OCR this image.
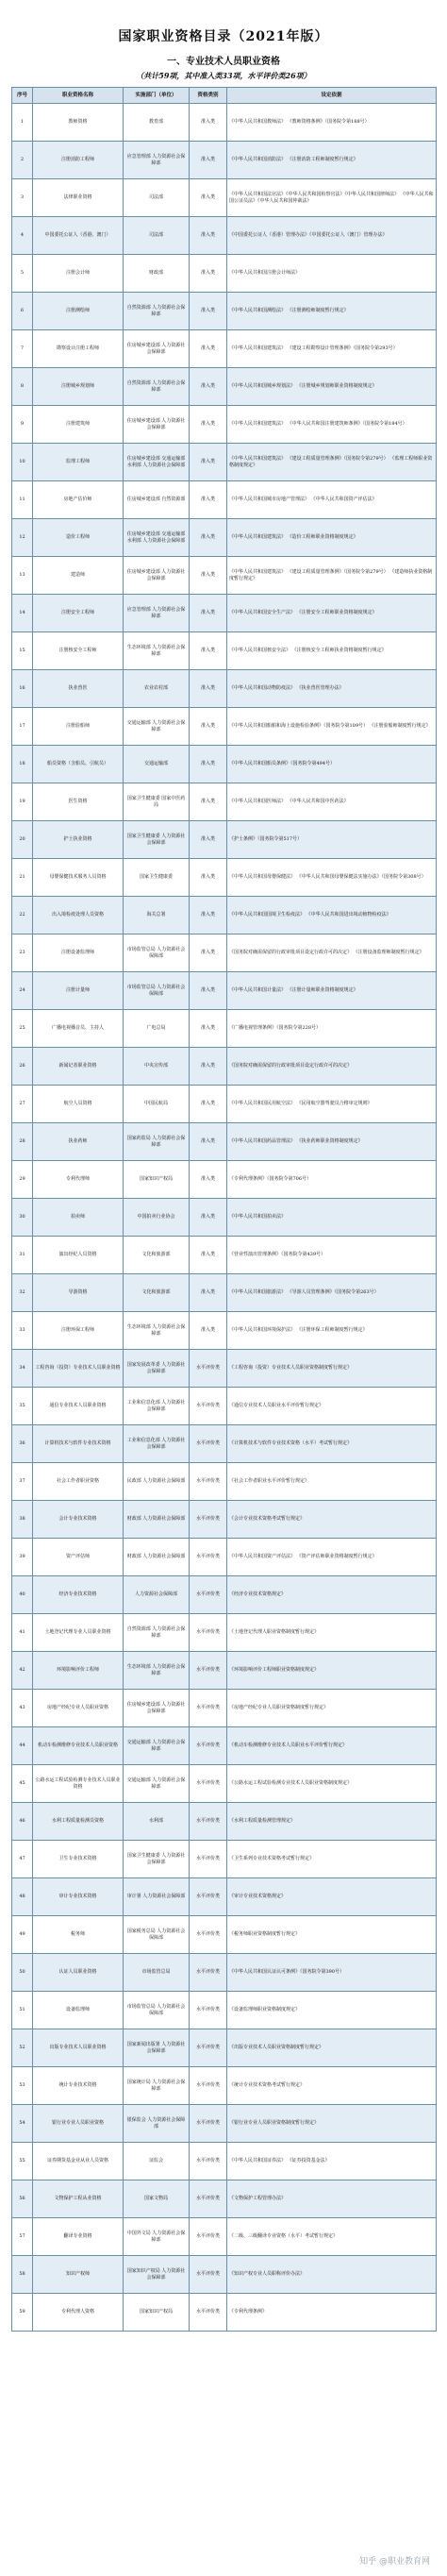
国家职业资格目录（2021年版）
一、专业技术人员职业资格
（共计59项，其中准入类33项，水平评价类26项）
序号	职业资格名称	实施部门（单位）	资格类别	设定依据
1	教师资格	教育部	准入类	《中华人民共和国教师法》 《教师资格条例》（国务院令第188号）
2	注册消防工程师	应急管理部 人力资源社会保障部	准入类	《中华人民共和国消防法》 《注册消防工程师制度暂行规定》
3	法律职业资格	司法部	准入类	《中华人民共和国法官法》《中华人民共和国检察官法》《中华人民共和国律师法》 《中华人民共和国公证员法》《中华人民共和国仲裁法》
4	中国委托公证人（香港、澳门）	司法部	准入类	《中国委托公证人（香港）管理办法》《中国委托公证人（澳门）管理办法》
5	注册会计师	财政部	准入类	《中华人民共和国注册会计师法》
6	注册测绘师	自然资源部 人力资源社会保障部	准入类	《中华人民共和国测绘法》 《注册测绘师制度暂行规定》
7	勘察设计注册工程师	住房城乡建设部 人力资源社会保障部	准入类	《中华人民共和国建筑法》 《建设工程勘察设计管理条例》（国务院令第293号）
8	注册城乡规划师	自然资源部 人力资源社会保障部	准入类	《中华人民共和国城乡规划法》 《注册城乡规划师职业资格制度规定》
9	注册建筑师	住房城乡建设部 人力资源社会保障部	准入类	《中华人民共和国建筑法》 《中华人民共和国注册建筑师条例》（国务院令第184号）
10	监理工程师	住房城乡建设部 交通运输部 水利部 人力资源社会保障部	准入类	《中华人民共和国建筑法》 《建设工程质量管理条例》（国务院令第279号） 《监理工程师职业资格制度规定》
11	房地产估价师	住房城乡建设部 自然资源部	准入类	《中华人民共和国城市房地产管理法》 《中华人民共和国资产评估法》
12	造价工程师	住房城乡建设部 交通运输部 水利部 人力资源社会保障部	准入类	《中华人民共和国建筑法》 《造价工程师职业资格制度规定》
13	建造师	住房城乡建设部 人力资源社会保障部	准入类	《中华人民共和国建筑法》 《建设工程质量管理条例》（国务院令第279号） 《建造师执业资格制度暂行规定》
14	注册安全工程师	应急管理部 人力资源社会保障部	准入类	《中华人民共和国安全生产法》 《注册安全工程师职业资格制度规定》
15	注册核安全工程师	生态环境部 人力资源社会保障部	准入类	《中华人民共和国核安全法》 《注册核安全工程师执业资格制度暂行规定》
16	执业兽医	农业农村部	准入类	《中华人民共和国动物防疫法》 《执业兽医管理办法》
17	注册验船师	交通运输部 人力资源社会保障部	准入类	《中华人民共和国船舶和海上设施检验条例》（国务院令第109号） 《注册验船师制度暂行规定》
18	船员资格（含船员、引航员）	交通运输部	准入类	《中华人民共和国船员条例》（国务院令第494号）
19	医生资格	国家卫生健康委 国家中医药局	准入类	《中华人民共和国医师法》 《中华人民共和国中医药法》
20	护士执业资格	国家卫生健康委 人力资源社会保障部	准入类	《护士条例》（国务院令第517号）
21	母婴保健技术服务人员资格	国家卫生健康委	准入类	《中华人民共和国母婴保健法》 《中华人民共和国母婴保健法实施办法》（国务院令第308号）
22	出入境检疫处理人员资格	海关总署	准入类	《中华人民共和国国境卫生检疫法》 《中华人民共和国进出境动植物检疫法》
23	注册设备监理师	市场监管总局 人力资源社会保障部	准入类	《国务院对确需保留的行政审批项目设定行政许可的决定》 《注册设备监理师制度暂行规定》
24	注册计量师	市场监管总局 人力资源社会保障部	准入类	《中华人民共和国计量法》 《注册计量师职业资格制度规定》
25	广播电视播音员、主持人	广电总局	准入类	《广播电视管理条例》（国务院令第228号）
26	新闻记者职业资格	中央宣传部	准入类	《国务院对确需保留的行政审批项目设定行政许可的决定》
27	航空人员资格	中国民航局	准入类	《中华人民共和国民用航空法》 《民用航空器驾驶员合格审定规则》
28	执业药师	国家药监局 人力资源社会保障部	准入类	《中华人民共和国药品管理法》 《执业药师职业资格制度规定》
29	专利代理师	国家知识产权局	准入类	《专利代理条例》（国务院令第706号）
30	拍卖师	中国拍卖行业协会	准入类	《中华人民共和国拍卖法》
31	演出经纪人员资格	文化和旅游部	准入类	《营业性演出管理条例》（国务院令第439号）
32	导游资格	文化和旅游部	准入类	《中华人民共和国旅游法》 《导游人员管理条例》（国务院令第263号）
33	注册环保工程师	生态环境部 人力资源社会保障部	准入类	《中华人民共和国环境保护法》 《注册环保工程师制度暂行规定》
34	工程咨询（投资）专业技术人员职业资格	国家发展改革委 人力资源社会保障部	水平评价类	《工程咨询（投资）专业技术人员职业资格制度暂行规定》
35	通信专业技术人员职业资格	工业和信息化部 人力资源社会保障部	水平评价类	《通信专业技术人员职业水平评价暂行规定》
36	计算机技术与软件专业技术资格	工业和信息化部 人力资源社会保障部	水平评价类	《计算机技术与软件专业技术资格（水平）考试暂行规定》
37	社会工作者职业资格	民政部 人力资源社会保障部	水平评价类	《社会工作者职业水平评价暂行规定》
38	会计专业技术资格	财政部 人力资源社会保障部	水平评价类	《会计专业技术资格考试暂行规定》
39	资产评估师	财政部 人力资源社会保障部	水平评价类	《中华人民共和国资产评估法》 《资产评估师职业资格制度暂行规定》
40	经济专业技术资格	人力资源社会保障部	水平评价类	《经济专业技术资格规定》
41	土地登记代理专业人员职业资格	自然资源部 人力资源社会保障部	水平评价类	《土地登记代理人职业资格制度暂行规定》
42	环境影响评价工程师	生态环境部 人力资源社会保障部	水平评价类	《环境影响评价工程师职业资格制度规定》
43	房地产经纪专业人员职业资格	住房城乡建设部 人力资源社会保障部	水平评价类	《房地产经纪专业人员职业资格制度暂行规定》
44	机动车检测维修专业技术人员职业资格	交通运输部 人力资源社会保障部	水平评价类	《机动车检测维修专业技术人员职业水平评价暂行规定》
45	公路水运工程试验检测专业技术人员职业资格	交通运输部 人力资源社会保障部	水平评价类	《公路水运工程试验检测专业技术人员职业资格制度规定》
46	水利工程质量检测员资格	水利部	水平评价类	《水利工程质量检测管理规定》
47	卫生专业技术资格	国家卫生健康委 人力资源社会保障部	水平评价类	《卫生系列专业技术资格考试暂行规定》
48	审计专业技术资格	审计署 人力资源社会保障部	水平评价类	《审计专业技术资格规定》
49	税务师	国家税务总局 人力资源社会保障部	水平评价类	《税务师职业资格制度暂行规定》
50	认证人员职业资格	市场监管总局	水平评价类	《中华人民共和国认证认可条例》（国务院令第390号）
51	设备监理师	市场监管总局 人力资源社会保障部	水平评价类	《设备监理师职业资格制度规定》
52	出版专业技术人员职业资格	国家新闻出版署 人力资源社会保障部	水平评价类	《出版专业技术人员职业资格制度暂行规定》
53	统计专业技术资格	国家统计局 人力资源社会保障部	水平评价类	《统计专业技术资格考试暂行规定》
54	银行业专业人员职业资格	银保监会 人力资源社会保障部	水平评价类	《银行业专业人员职业资格制度暂行规定》
55	证券期货基金业从业人员资格	证监会	水平评价类	《中华人民共和国证券法》 《证券投资基金法》
56	文物保护工程从业资格	国家文物局	水平评价类	《文物保护工程管理办法》
57	翻译专业资格	中国外文局 人力资源社会保障部	水平评价类	《二级、三级翻译专业资格（水平）考试暂行规定》
58	知识产权师	国家知识产权局 人力资源社会保障部	水平评价类	《知识产权专业人员职称评价办法》
59	专利代理人资格	国家知识产权局	水平评价类	《专利代理条例》
知乎 @职业教育网
